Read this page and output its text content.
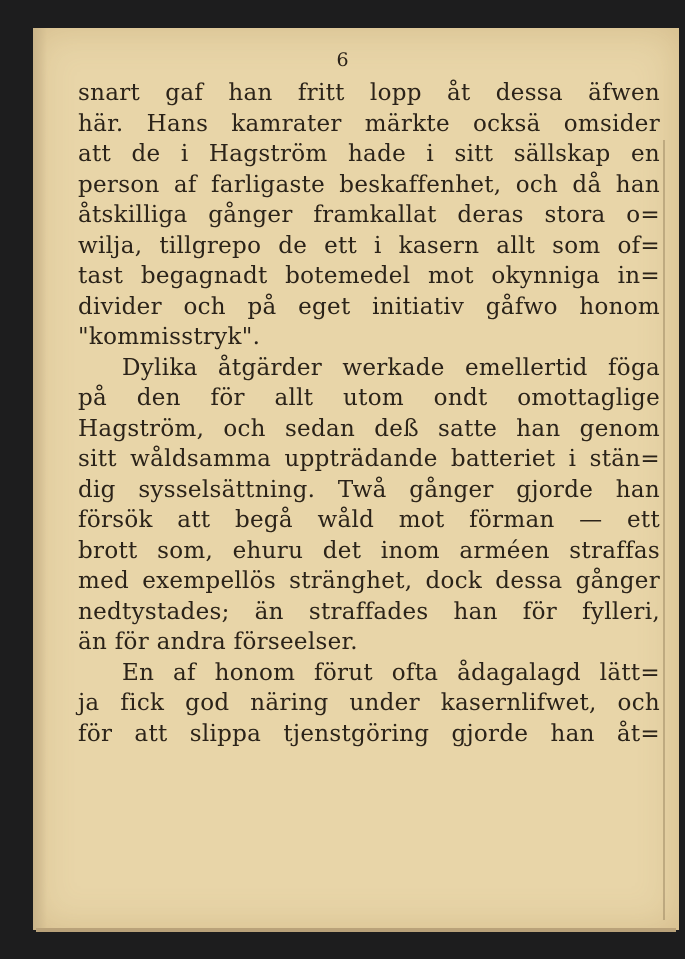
6
snart gaf han fritt lopp åt dessa äfwen
här. Hans kamrater märkte ocksä omsider
att de i Hagström hade i sitt sällskap en
person af farligaste beskaffenhet, och då han
åtskilliga gånger framkallat deras stora o=
wilja, tillgrepo de ett i kasern allt som of=
tast begagnadt botemedel mot okynniga in=
divider och på eget initiativ gåfwo honom
"kommisstryk".
Dylika åtgärder werkade emellertid föga
på den för allt utom ondt omottaglige
Hagström, och sedan deß satte han genom
sitt wåldsamma uppträdande batteriet i stän=
dig sysselsättning. Twå gånger gjorde han
försök att begå wåld mot förman — ett
brott som, ehuru det inom arméen straffas
med exempellös stränghet, dock dessa gånger
nedtystades; än straffades han för fylleri,
än för andra förseelser.
En af honom förut ofta ådagalagd lätt=
ja fick god näring under kasernlifwet, och
för att slippa tjenstgöring gjorde han åt=
